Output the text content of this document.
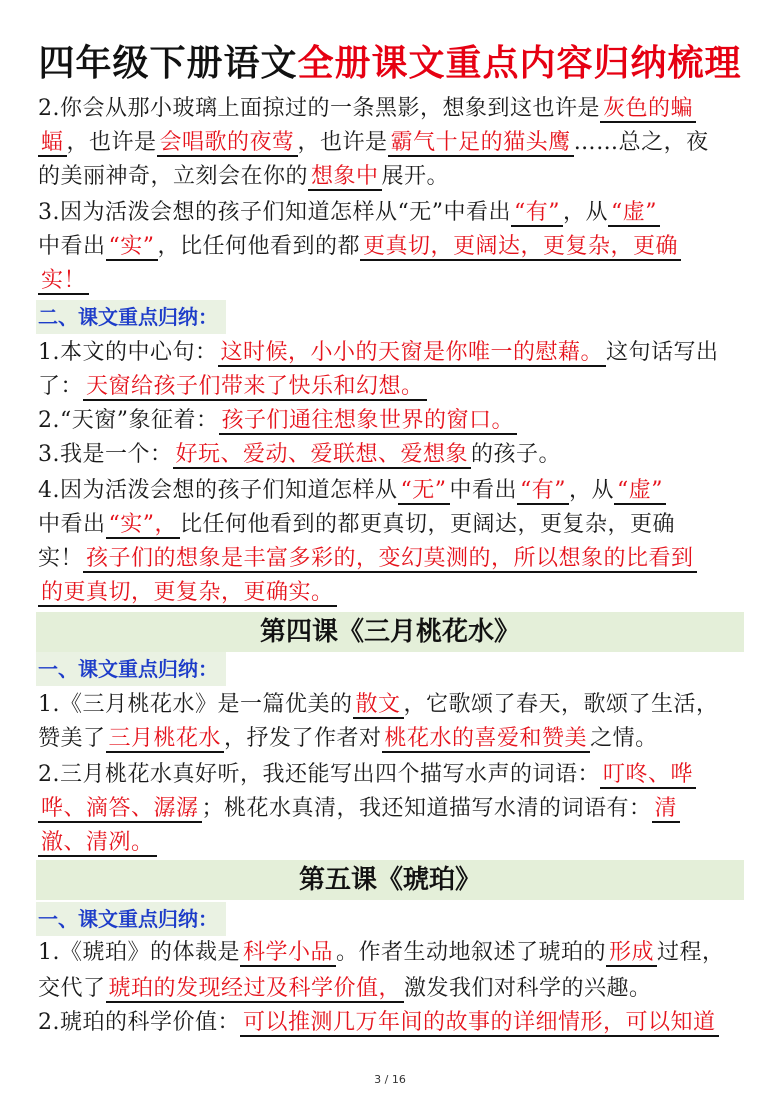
四年级下册语文全册课文重点内容归纳梳理
2.你会从那小玻璃上面掠过的一条黑影，想象到这也许是 灰色的蝙
蝠 ，也许是 会唱歌的夜莺 ，也许是 霸气十足的猫头鹰 ……总之，夜
的美丽神奇，立刻会在你的 想象中 展开。
3.因为活泼会想的孩子们知道怎样从“无”中看出 “有” ，从 “虚”
中看出 “实” ，比任何他看到的都 更真切，更阔达，更复杂，更确
实！
二、课文重点归纳：
1.本文的中心句： 这时候，小小的天窗是你唯一的慰藉。 这句话写出
了： 天窗给孩子们带来了快乐和幻想。
2.“天窗”象征着： 孩子们通往想象世界的窗口。
3.我是一个： 好玩、爱动、爱联想、爱想象 的孩子。
4.因为活泼会想的孩子们知道怎样从 “无” 中看出 “有” ，从 “虚”
中看出 “实”， 比任何他看到的都更真切，更阔达，更复杂，更确
实！ 孩子们的想象是丰富多彩的，变幻莫测的，所以想象的比看到
的更真切，更复杂，更确实。
第四课《三月桃花水》
一、课文重点归纳：
1.《三月桃花水》是一篇优美的 散文 ，它歌颂了春天，歌颂了生活，
赞美了 三月桃花水 ，抒发了作者对 桃花水的喜爱和赞美 之情。
2.三月桃花水真好听，我还能写出四个描写水声的词语： 叮咚、哗
哗、滴答、潺潺 ；桃花水真清，我还知道描写水清的词语有： 清
澈、清冽。
第五课《琥珀》
一、课文重点归纳：
1.《琥珀》的体裁是 科学小品 。作者生动地叙述了琥珀的 形成 过程，
交代了 琥珀的发现经过及科学价值， 激发我们对科学的兴趣。
2.琥珀的科学价值： 可以推测几万年间的故事的详细情形，可以知道
3 / 16
